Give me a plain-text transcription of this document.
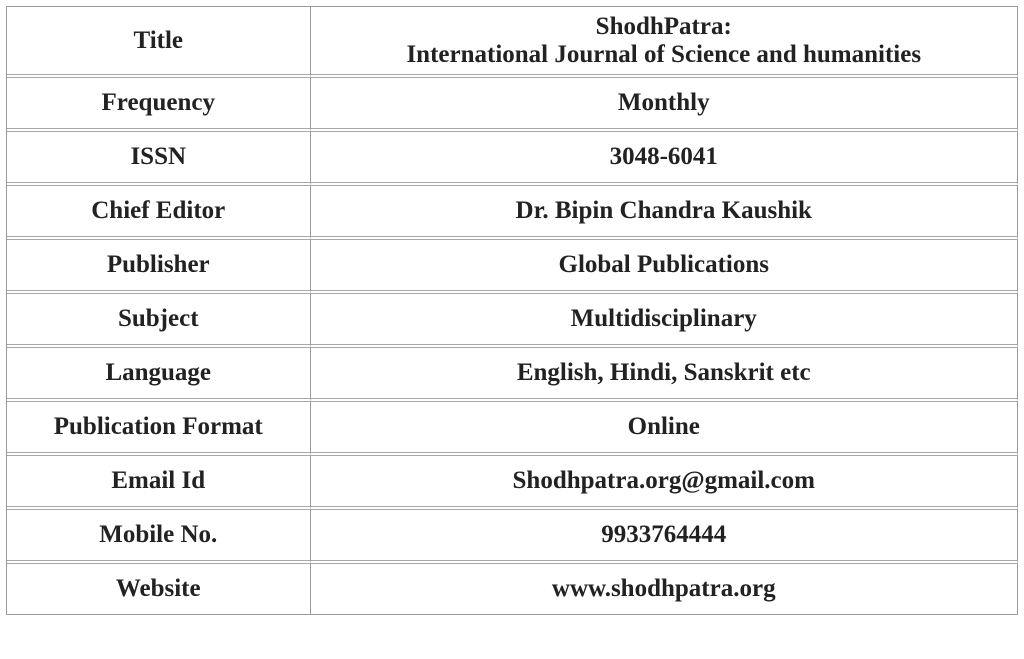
Title	ShodhPatra:
International Journal of Science and humanities

Frequency	Monthly
ISSN	3048-6041
Chief Editor	Dr. Bipin Chandra Kaushik
Publisher	Global Publications
Subject	Multidisciplinary
Language	English, Hindi, Sanskrit etc
Publication Format	Online
Email Id	Shodhpatra.org@gmail.com
Mobile No.	9933764444
Website	www.shodhpatra.org
